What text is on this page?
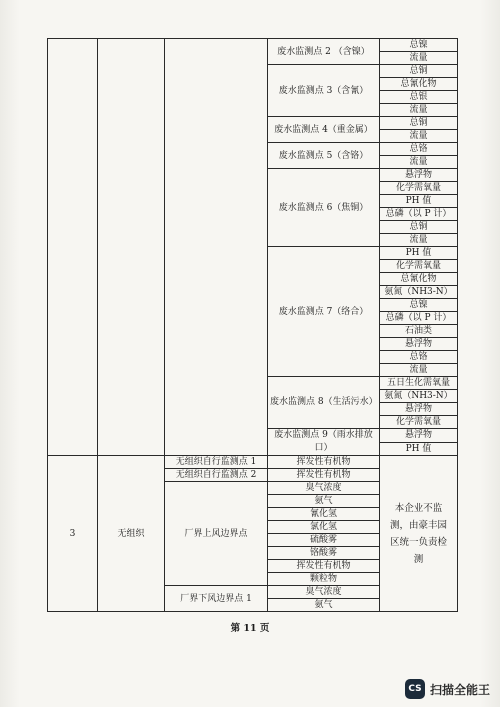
			废水监测点 2 （含镍）	总镍
				流量
			废水监测点 3（含氰）	总铜
				总氰化物
				总银
				流量
			废水监测点 4（重金属）	总铜
				流量
			废水监测点 5（含铬）	总铬
				流量
			废水监测点 6（焦铜）	悬浮物
				化学需氧量
				PH 值
				总磷（以 P 计）
				总铜
				流量
			废水监测点 7（络合）	PH 值
				化学需氧量
				总氰化物
				氨氮（NH3-N）
				总镍
				总磷（以 P 计）
				石油类
				悬浮物
				总铬
				流量
			废水监测点 8（生活污水）	五日生化需氧量
				氨氮（NH3-N）
				悬浮物
				化学需氧量
			废水监测点 9（雨水排放口）	悬浮物
				PH 值
3	无组织	无组织自行监测点 1	挥发性有机物	本企业不监测，由豪丰园区统一负责检测
		无组织自行监测点 2	挥发性有机物	
		厂界上风边界点	臭气浓度	
			氨气	
			氰化氢	
			氯化氢	
			硫酸雾	
			铬酸雾	
			挥发性有机物	
			颗粒物	
		厂界下风边界点 1	臭气浓度	
			氨气	
第 11 页
CS 扫描全能王
